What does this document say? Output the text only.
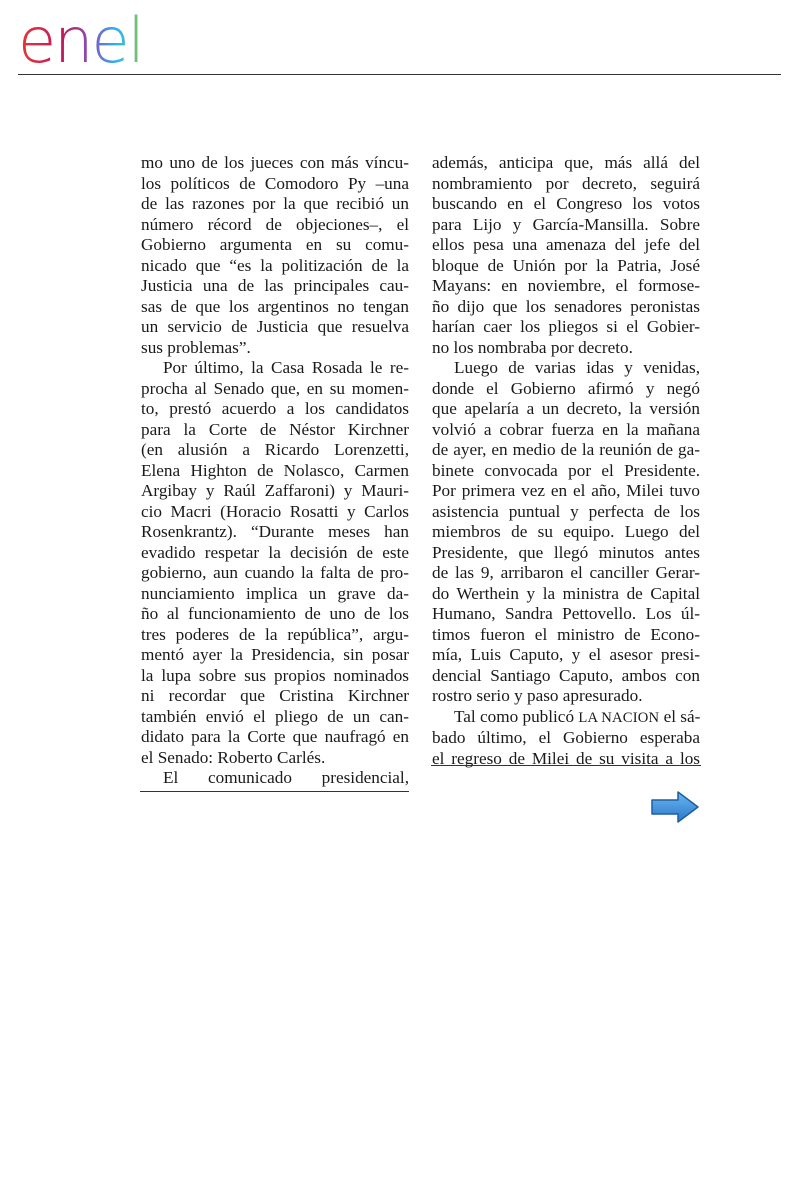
enel

mo uno de los jueces con más víncu-
los políticos de Comodoro Py –una
de las razones por la que recibió un
número récord de objeciones–, el
Gobierno argumenta en su comu-
nicado que “es la politización de la
Justicia una de las principales cau-
sas de que los argentinos no tengan
un servicio de Justicia que resuelva
sus problemas”.

Por último, la Casa Rosada le re-
procha al Senado que, en su momen-
to, prestó acuerdo a los candidatos
para la Corte de Néstor Kirchner
(en alusión a Ricardo Lorenzetti,
Elena Highton de Nolasco, Carmen
Argibay y Raúl Zaffaroni) y Mauri-
cio Macri (Horacio Rosatti y Carlos
Rosenkrantz). “Durante meses han
evadido respetar la decisión de este
gobierno, aun cuando la falta de pro-
nunciamiento implica un grave da-
ño al funcionamiento de uno de los
tres poderes de la república”, argu-
mentó ayer la Presidencia, sin posar
la lupa sobre sus propios nominados
ni recordar que Cristina Kirchner
también envió el pliego de un can-
didato para la Corte que naufragó en
el Senado: Roberto Carlés.

El comunicado presidencial,

además, anticipa que, más allá del
nombramiento por decreto, seguirá
buscando en el Congreso los votos
para Lijo y García-Mansilla. Sobre
ellos pesa una amenaza del jefe del
bloque de Unión por la Patria, José
Mayans: en noviembre, el formose-
ño dijo que los senadores peronistas
harían caer los pliegos si el Gobier-
no los nombraba por decreto.

Luego de varias idas y venidas,
donde el Gobierno afirmó y negó
que apelaría a un decreto, la versión
volvió a cobrar fuerza en la mañana
de ayer, en medio de la reunión de ga-
binete convocada por el Presidente.
Por primera vez en el año, Milei tuvo
asistencia puntual y perfecta de los
miembros de su equipo. Luego del
Presidente, que llegó minutos antes
de las 9, arribaron el canciller Gerar-
do Werthein y la ministra de Capital
Humano, Sandra Pettovello. Los úl-
timos fueron el ministro de Econo-
mía, Luis Caputo, y el asesor presi-
dencial Santiago Caputo, ambos con
rostro serio y paso apresurado.

Tal como publicó LA NACION el sá-
bado último, el Gobierno esperaba
el regreso de Milei de su visita a los
